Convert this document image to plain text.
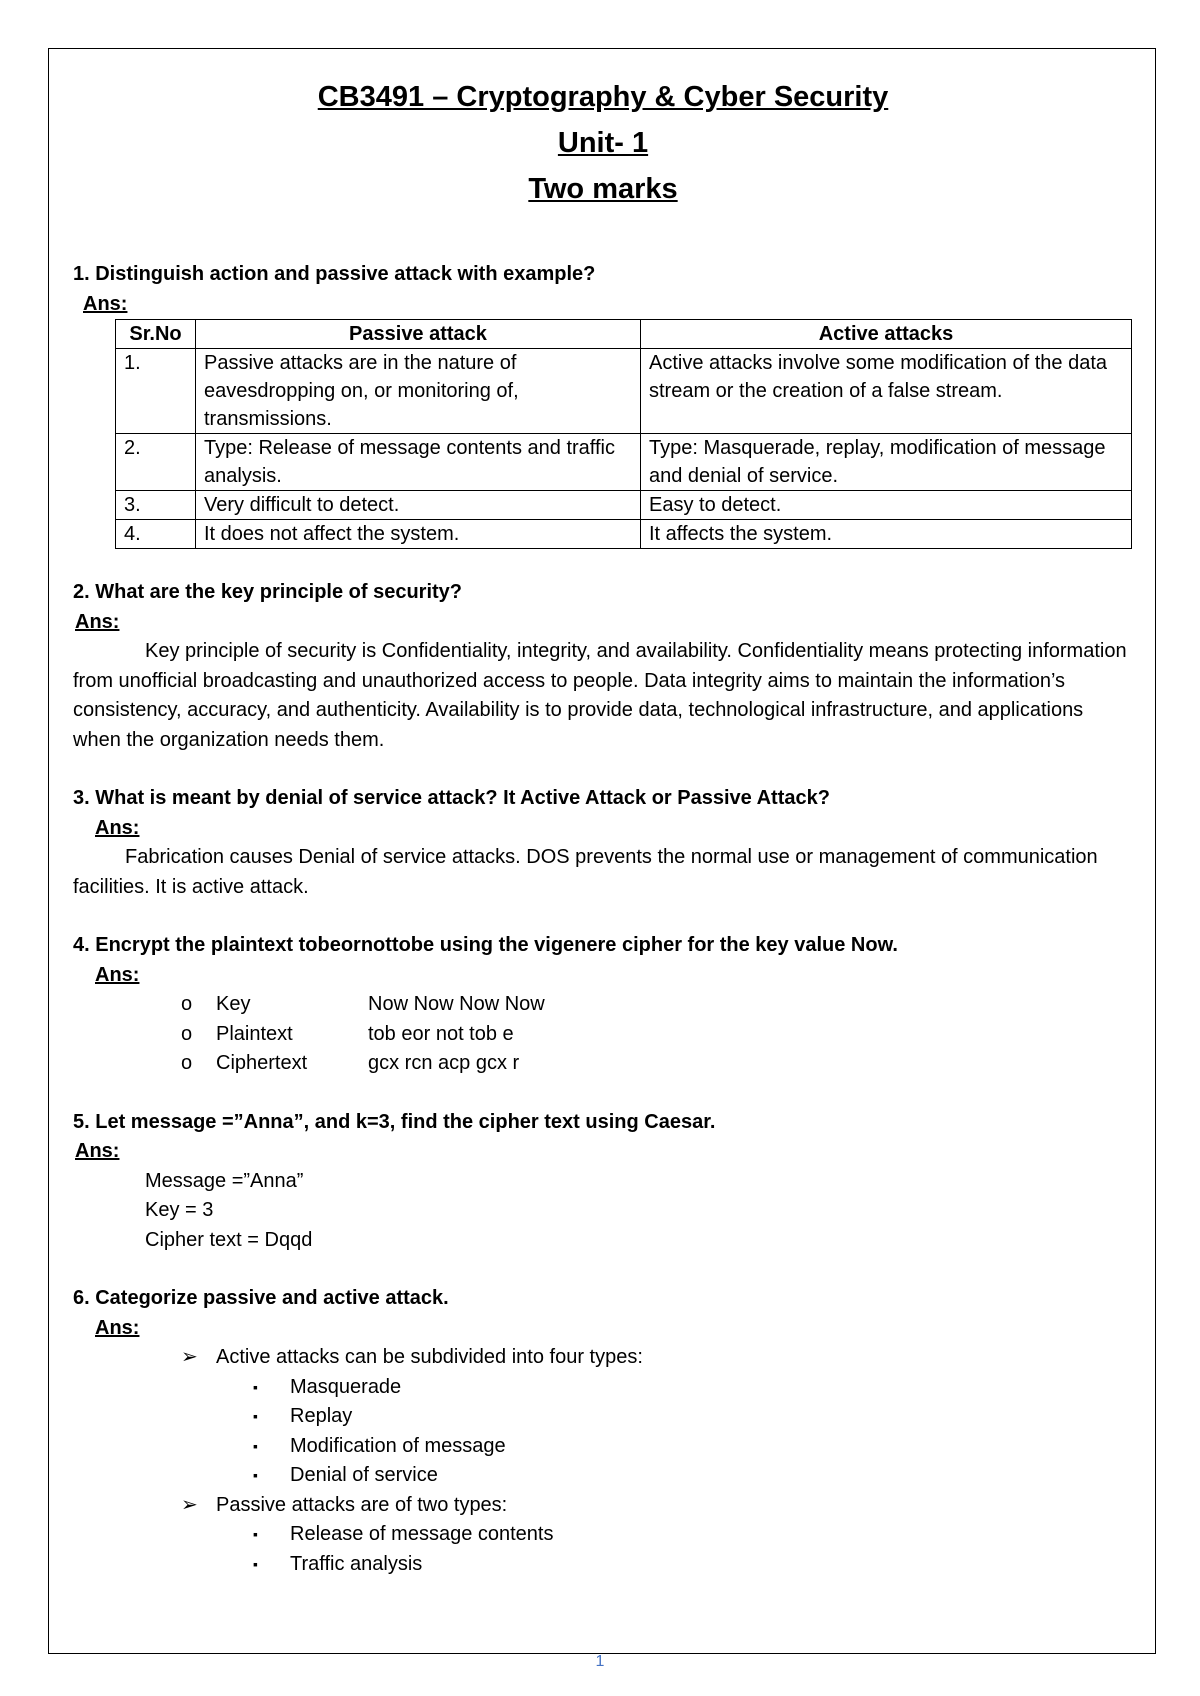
CB3491 – Cryptography & Cyber Security
Unit- 1
Two marks

1. Distinguish action and passive attack with example?

Ans:

Sr.No	Passive attack	Active attacks
1.	Passive attacks are in the nature of eavesdropping on, or monitoring of, transmissions.	Active attacks involve some modification of the data stream or the creation of a false stream.
2.	Type: Release of message contents and traffic analysis.	Type: Masquerade, replay, modification of message and denial of service.
3.	Very difficult to detect.	Easy to detect.
4.	It does not affect the system.	It affects the system.

2. What are the key principle of security?

Ans:

Key principle of security is Confidentiality, integrity, and availability. Confidentiality means protecting information from unofficial broadcasting and unauthorized access to people. Data integrity aims to maintain the information’s consistency, accuracy, and authenticity. Availability is to provide data, technological infrastructure, and applications when the organization needs them.

3. What is meant by denial of service attack? It Active Attack or Passive Attack?

Ans:

Fabrication causes Denial of service attacks. DOS prevents the normal use or management of communication facilities. It is active attack.

4. Encrypt the plaintext tobeornottobe using the vigenere cipher for the key value Now.

Ans:

o	Key	Now Now Now Now
o	Plaintext	tob eor not tob e
o	Ciphertext	gcx rcn acp gcx r

5. Let message =”Anna”, and k=3, find the cipher text using Caesar.

Ans:

Message =”Anna”

Key = 3

Cipher text = Dqqd

6. Categorize passive and active attack.

Ans:

➢ Active attacks can be subdivided into four types:
▪	Masquerade
▪	Replay
▪	Modification of message
▪	Denial of service
➢ Passive attacks are of two types:
▪	Release of message contents
▪	Traffic analysis
1
